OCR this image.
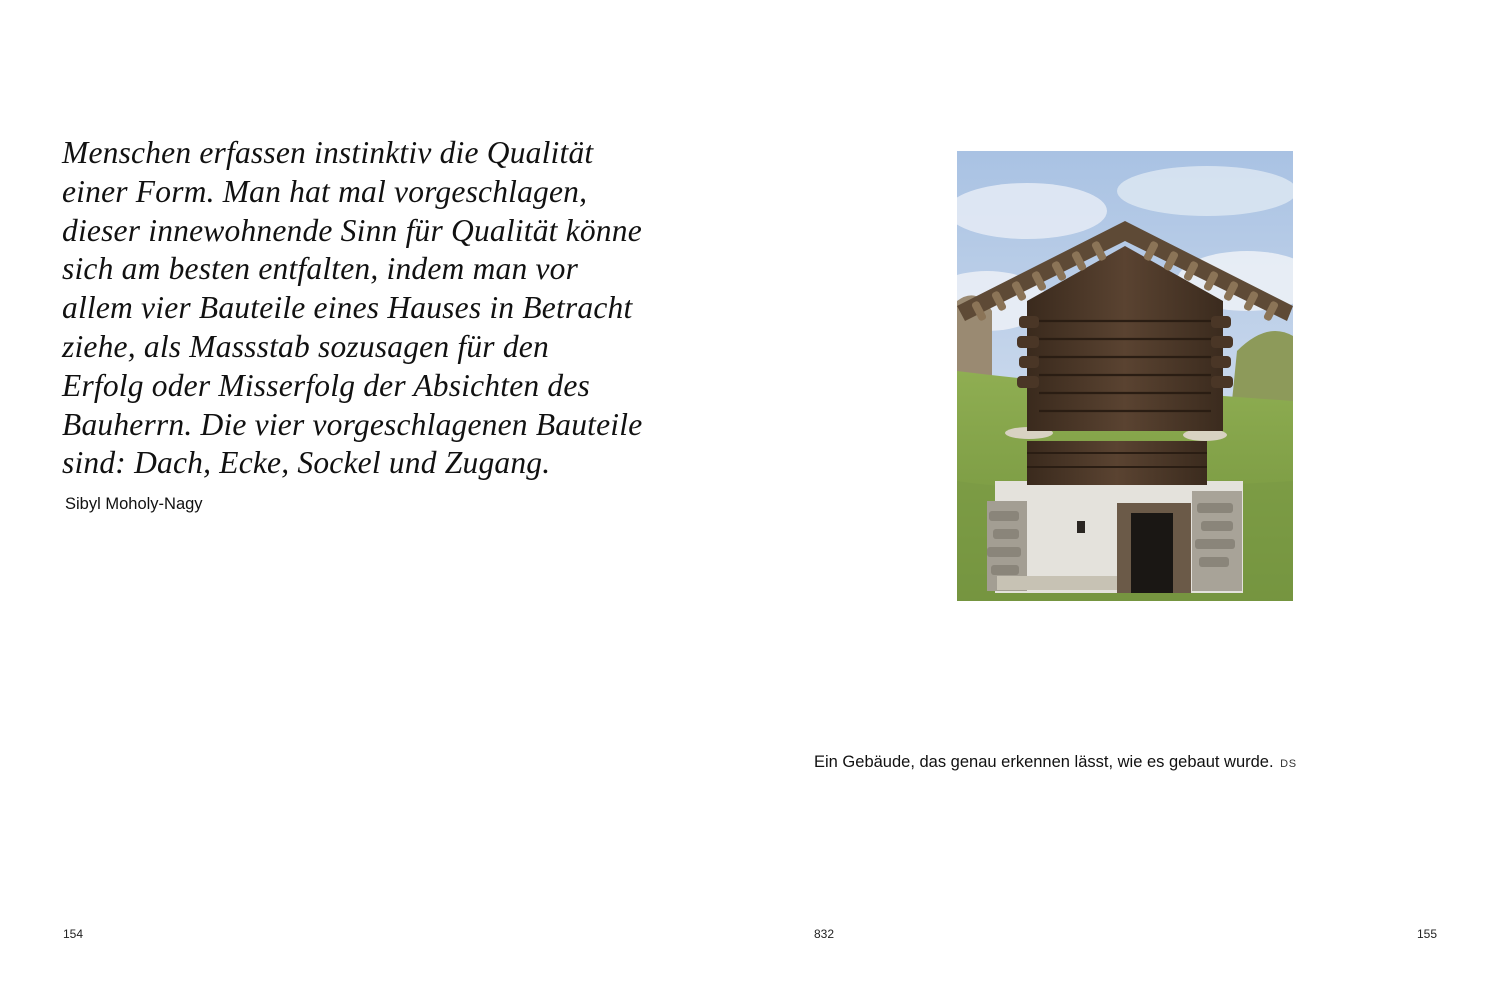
Menschen erfassen instinktiv die Qualität
einer Form. Man hat mal vorgeschlagen,
dieser innewohnende Sinn für Qualität könne
sich am besten entfalten, indem man vor
allem vier Bauteile eines Hauses in Betracht
ziehe, als Massstab sozusagen für den
Erfolg oder Misserfolg der Absichten des
Bauherrn. Die vier vorgeschlagenen Bauteile
sind: Dach, Ecke, Sockel und Zugang.

Sibyl Moholy-Nagy
154
Ein Gebäude, das genau erkennen lässt, wie es gebaut wurde. DS
832	155
